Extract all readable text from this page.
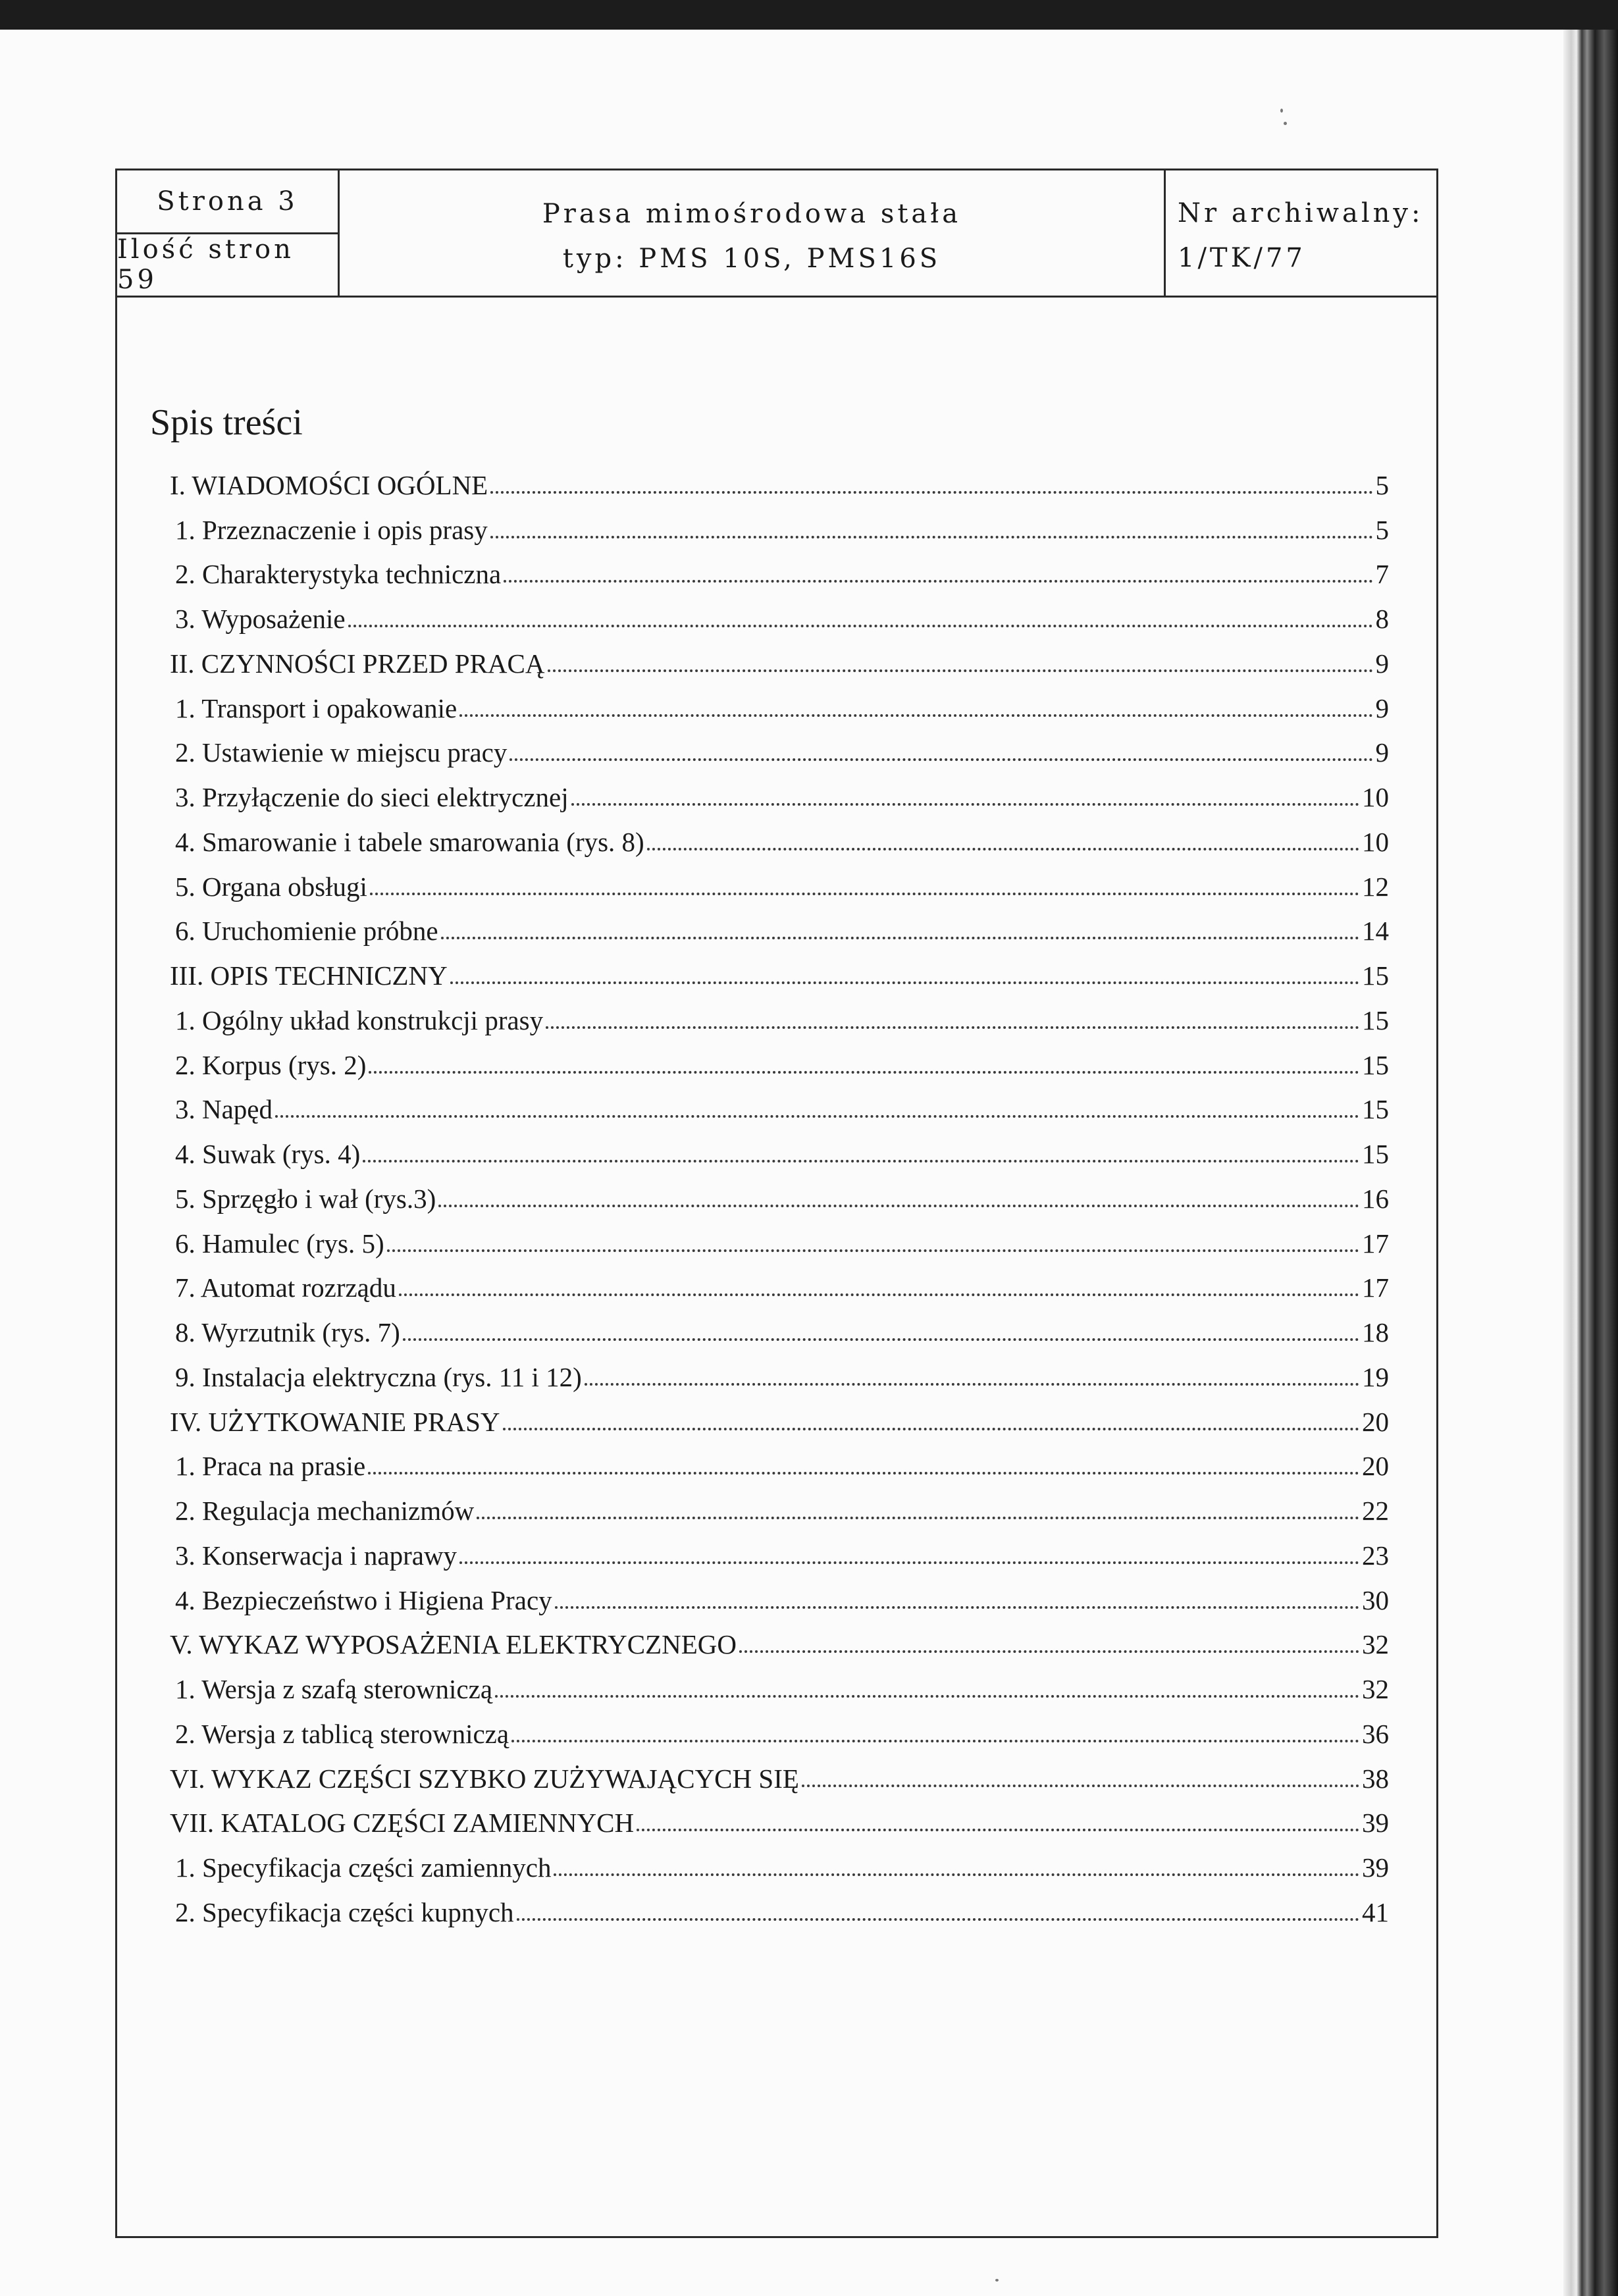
Strona 3
Ilość stron 59
Prasa mimośrodowa stała
typ: PMS 10S, PMS16S
Nr archiwalny:
1/TK/77
Spis treści
I. WIADOMOŚCI OGÓLNE	5
1. Przeznaczenie i opis prasy	5
2. Charakterystyka techniczna	7
3. Wyposażenie	8
II. CZYNNOŚCI PRZED PRACĄ	9
1. Transport i opakowanie	9
2. Ustawienie w miejscu pracy	9
3. Przyłączenie do sieci elektrycznej	10
4. Smarowanie i tabele smarowania (rys. 8)	10
5. Organa obsługi	12
6. Uruchomienie próbne	14
III. OPIS TECHNICZNY	15
1. Ogólny układ konstrukcji prasy	15
2. Korpus (rys. 2)	15
3. Napęd	15
4. Suwak (rys. 4)	15
5. Sprzęgło i wał (rys.3)	16
6. Hamulec (rys. 5)	17
7. Automat rozrządu	17
8. Wyrzutnik (rys. 7)	18
9. Instalacja elektryczna (rys. 11 i 12)	19
IV. UŻYTKOWANIE PRASY	20
1. Praca na prasie	20
2. Regulacja mechanizmów	22
3. Konserwacja i naprawy	23
4. Bezpieczeństwo i Higiena Pracy	30
V. WYKAZ WYPOSAŻENIA ELEKTRYCZNEGO	32
1. Wersja z szafą sterowniczą	32
2. Wersja z tablicą sterowniczą	36
VI. WYKAZ CZĘŚCI SZYBKO ZUŻYWAJĄCYCH SIĘ	38
VII. KATALOG CZĘŚCI ZAMIENNYCH	39
1. Specyfikacja części zamiennych	39
2. Specyfikacja części kupnych	41
